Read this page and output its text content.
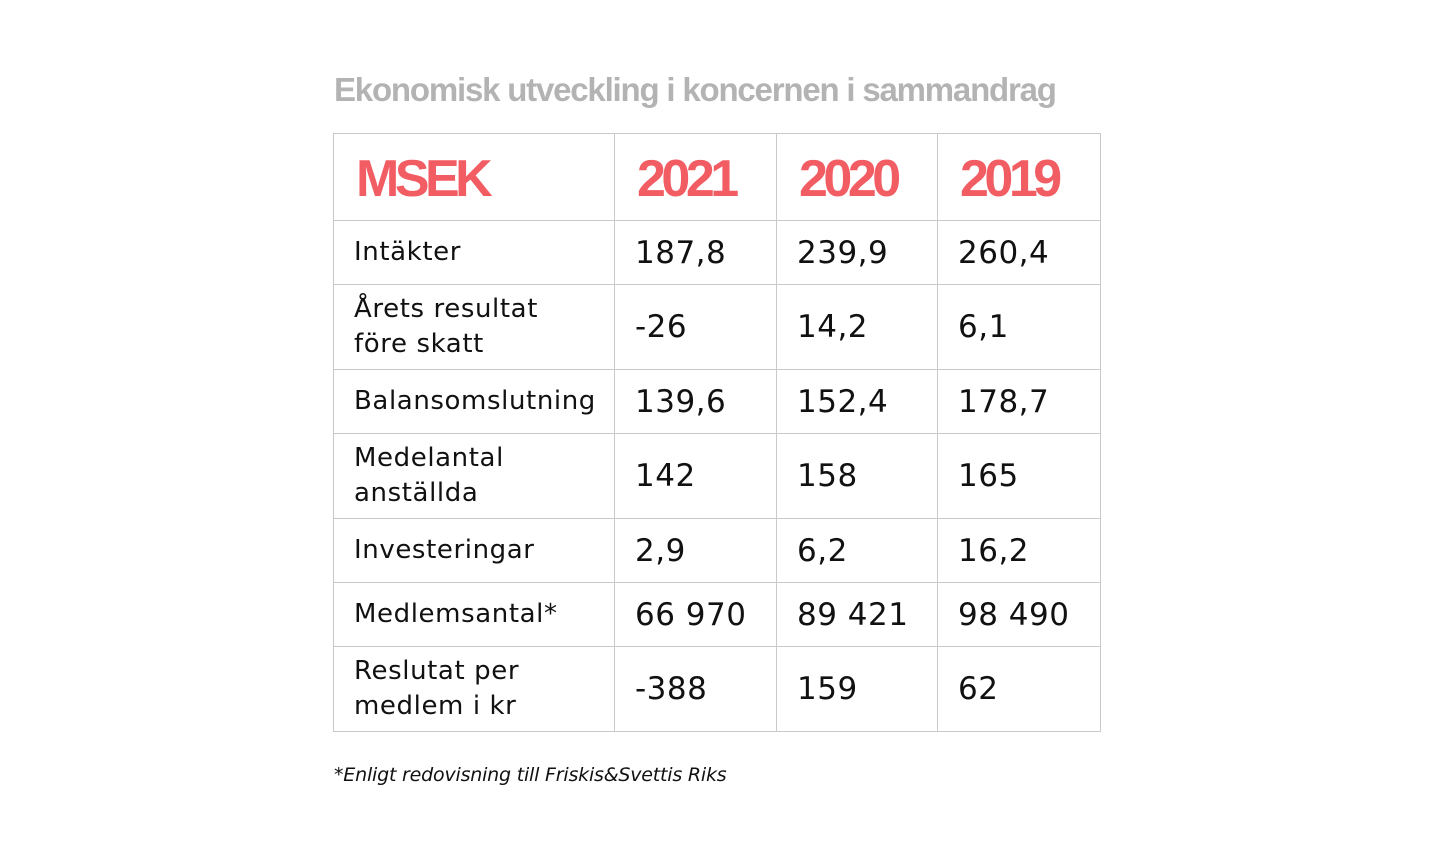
Ekonomisk utveckling i koncernen i sammandrag
MSEK	2021	2020	2019
Intäkter	187,8	239,9	260,4
Årets resultat
före skatt	-26	14,2	6,1
Balansomslutning	139,6	152,4	178,7
Medelantal
anställda	142	158	165
Investeringar	2,9	6,2	16,2
Medlemsantal*	66 970	89 421	98 490
Reslutat per
medlem i kr	-388	159	62
*Enligt redovisning till Friskis&Svettis Riks
